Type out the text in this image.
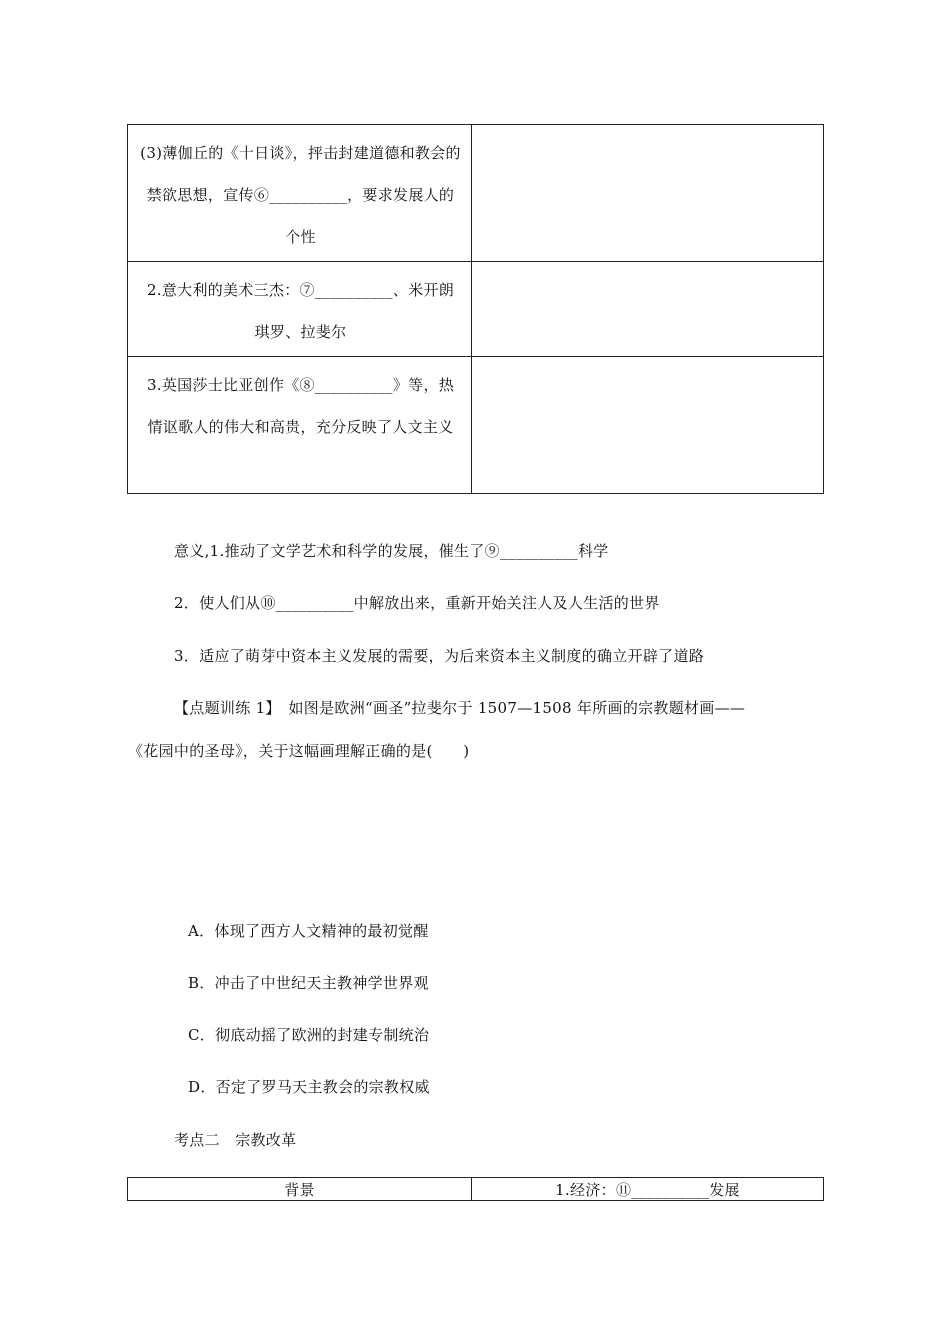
(3)薄伽丘的《十日谈》，抨击封建道德和教会的禁欲思想，宣传⑥__________，要求发展人的个性	

2.意大利的美术三杰：⑦__________、米开朗琪罗、拉斐尔	

3.英国莎士比亚创作《⑧__________》等，热情讴歌人的伟大和高贵，充分反映了人文主义	

意义,1.推动了文学艺术和科学的发展，催生了⑨__________科学
2．使人们从⑩__________中解放出来，重新开始关注人及人生活的世界
3．适应了萌芽中资本主义发展的需要，为后来资本主义制度的确立开辟了道路
【点题训练 1】　如图是欧洲“画圣”拉斐尔于 1507—1508 年所画的宗教题材画——
《花园中的圣母》，关于这幅画理解正确的是(　　)
A．体现了西方人文精神的最初觉醒
B．冲击了中世纪天主教神学世界观
C．彻底动摇了欧洲的封建专制统治
D．否定了罗马天主教会的宗教权威
考点二　宗教改革
背景	1.经济：⑪__________发展
